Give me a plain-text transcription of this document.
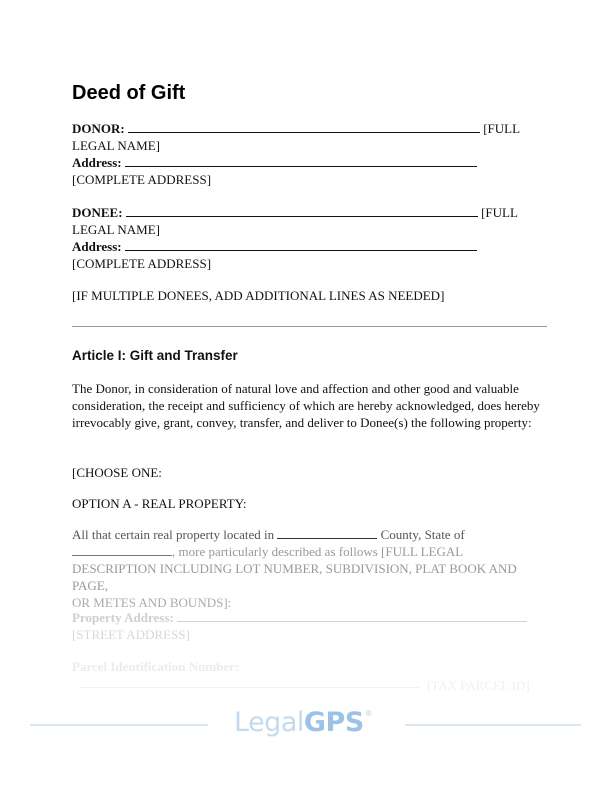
Deed of Gift
DONOR:	[FULL
LEGAL NAME]
Address:
[COMPLETE ADDRESS]
DONEE:	[FULL
LEGAL NAME]
Address:
[COMPLETE ADDRESS]
[IF MULTIPLE DONEES, ADD ADDITIONAL LINES AS NEEDED]
Article I: Gift and Transfer
The Donor, in consideration of natural love and affection and other good and valuable consideration, the receipt and sufficiency of which are hereby acknowledged, does hereby irrevocably give, grant, convey, transfer, and deliver to Donee(s) the following property:
[CHOOSE ONE:
OPTION A - REAL PROPERTY:
All that certain real property located in	County, State of
, more particularly described as follows [FULL LEGAL
DESCRIPTION INCLUDING LOT NUMBER, SUBDIVISION, PLAT BOOK AND PAGE,
OR METES AND BOUNDS]:
Property Address:
[STREET ADDRESS]
Parcel Identification Number:
[TAX PARCEL ID]
LegalGPS®
